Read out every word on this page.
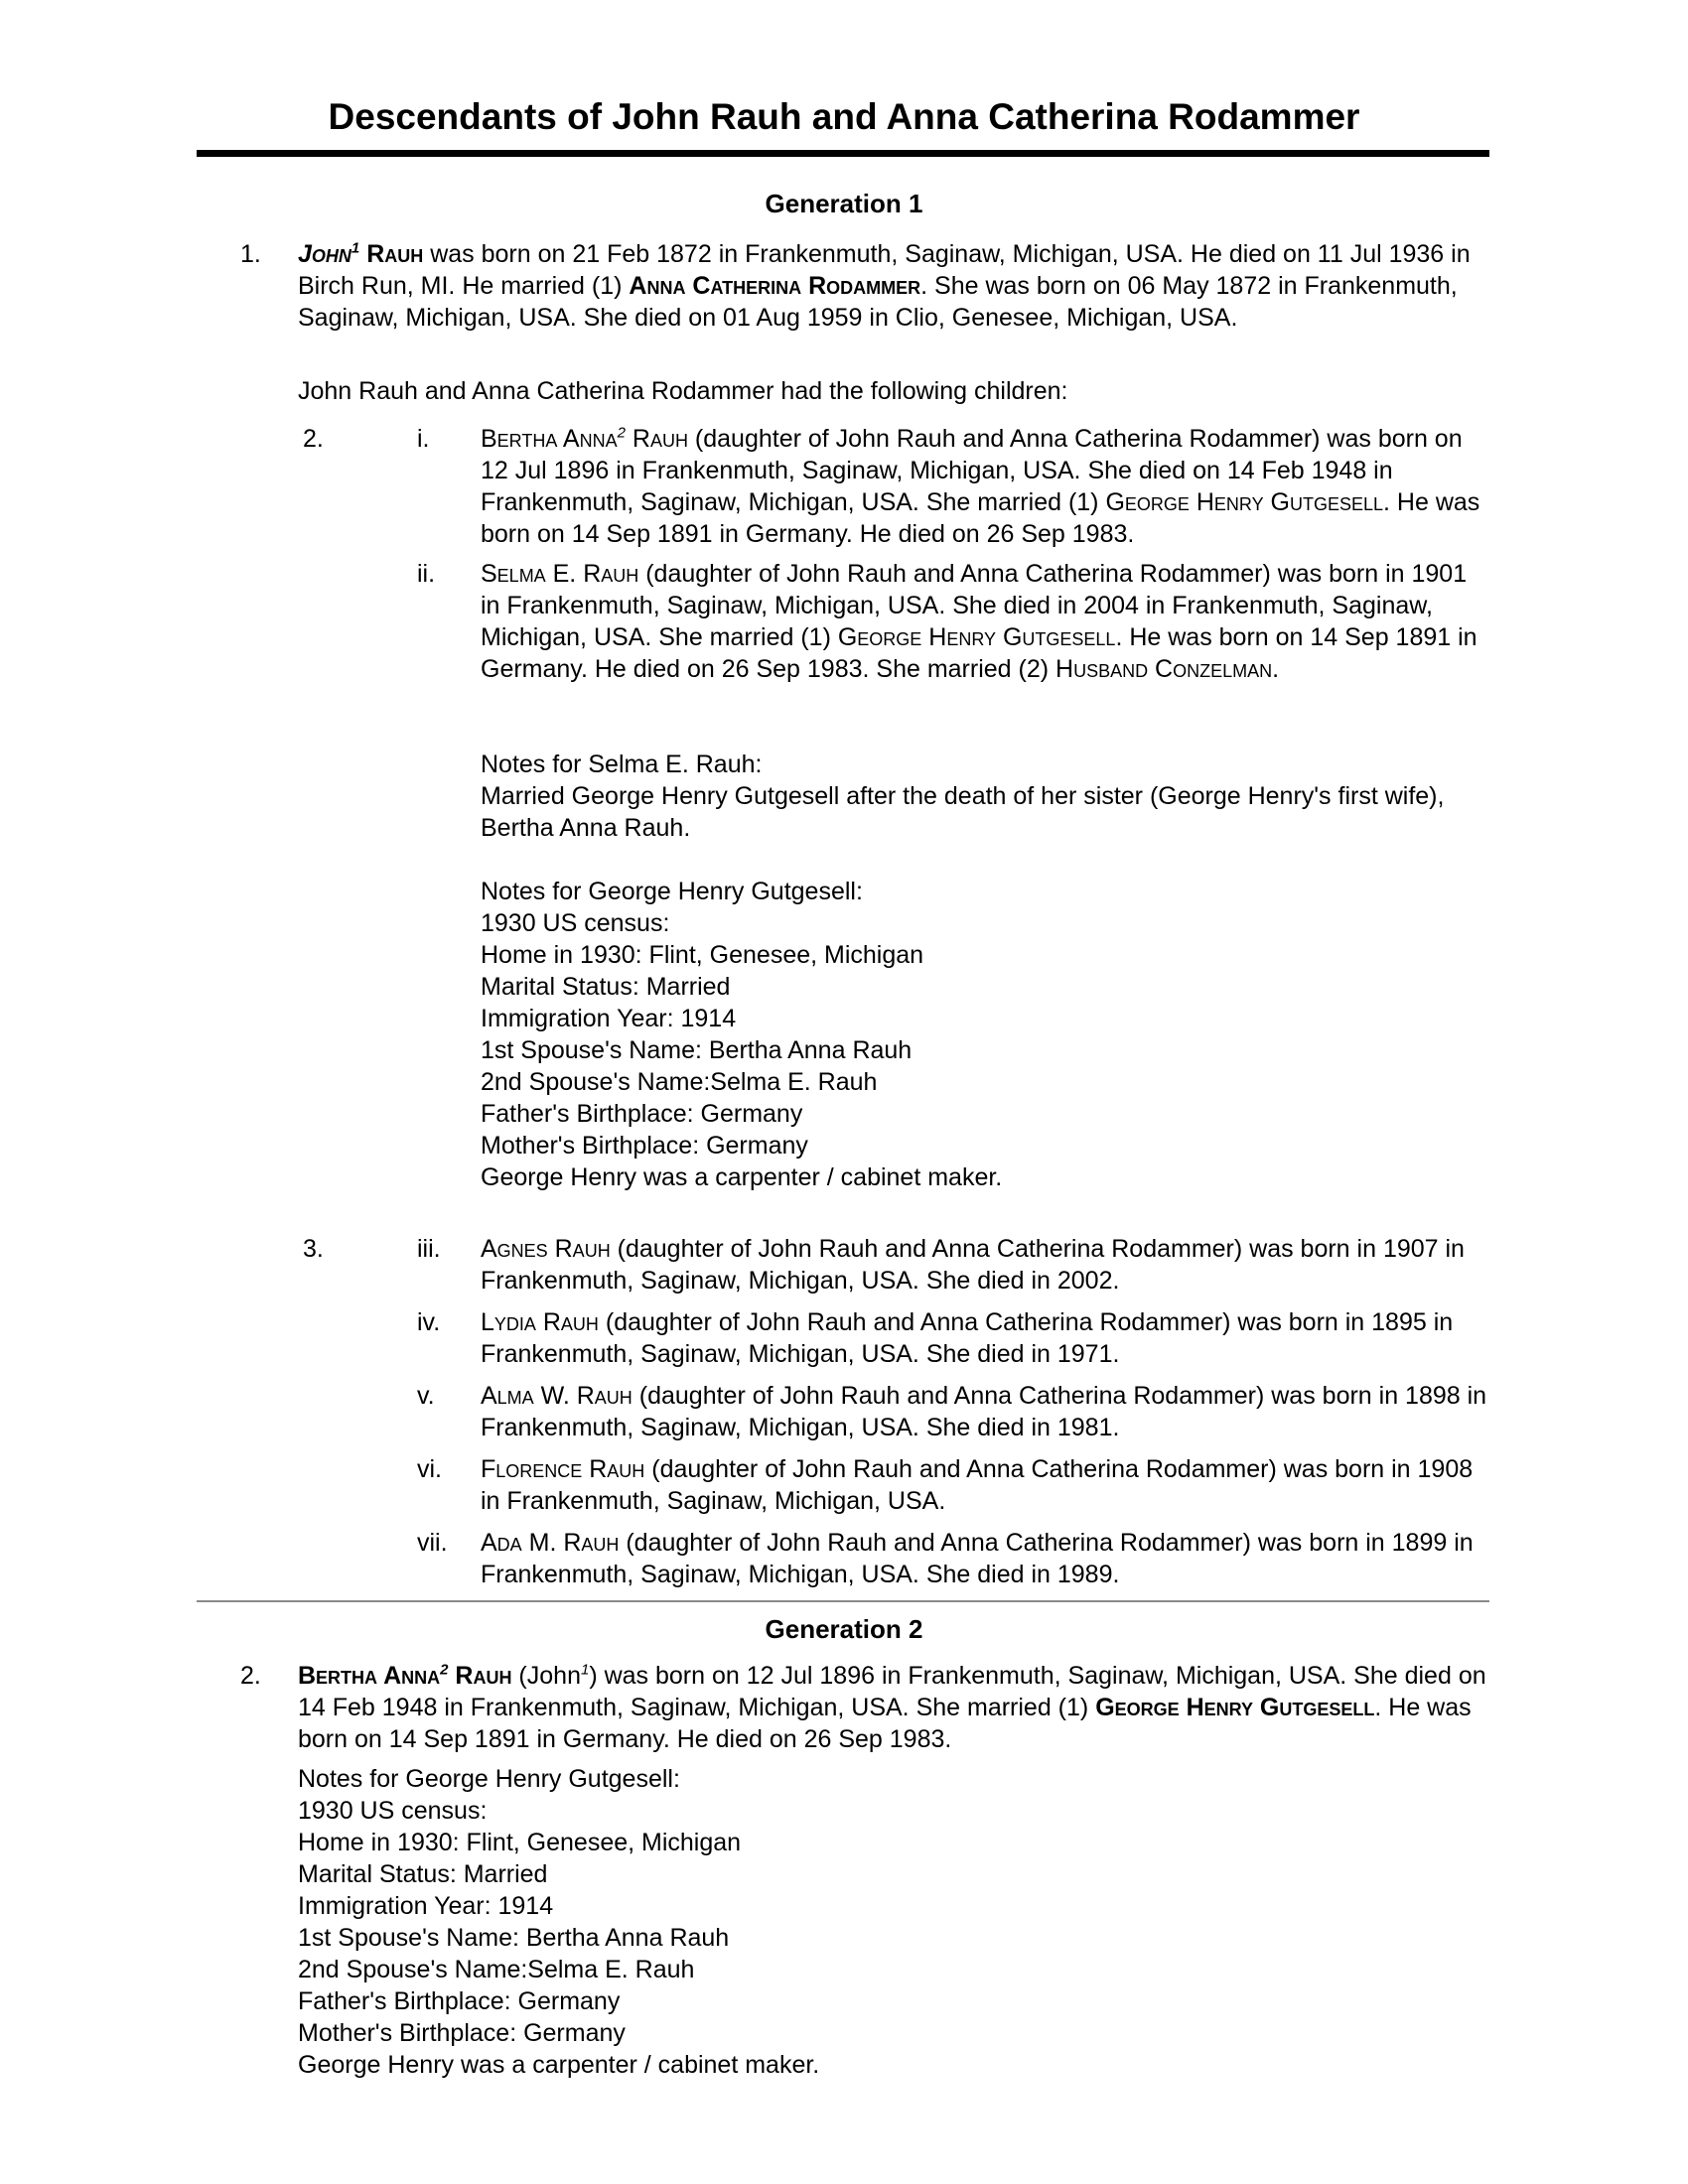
Descendants of John Rauh and Anna Catherina Rodammer
Generation 1
1. John$^1$ Rauh was born on 21 Feb 1872 in Frankenmuth, Saginaw, Michigan, USA. He died on 11 Jul 1936 in Birch Run, MI. He married (1) Anna Catherina Rodammer. She was born on 06 May 1872 in Frankenmuth, Saginaw, Michigan, USA. She died on 01 Aug 1959 in Clio, Genesee, Michigan, USA.

John Rauh and Anna Catherina Rodammer had the following children:

2.	i. Bertha Anna$^2$ Rauh (daughter of John Rauh and Anna Catherina Rodammer) was born on 12 Jul 1896 in Frankenmuth, Saginaw, Michigan, USA. She died on 14 Feb 1948 in Frankenmuth, Saginaw, Michigan, USA. She married (1) George Henry Gutgesell. He was born on 14 Sep 1891 in Germany. He died on 26 Sep 1983.

ii. Selma E. Rauh (daughter of John Rauh and Anna Catherina Rodammer) was born in 1901 in Frankenmuth, Saginaw, Michigan, USA. She died in 2004 in Frankenmuth, Saginaw, Michigan, USA. She married (1) George Henry Gutgesell. He was born on 14 Sep 1891 in Germany. He died on 26 Sep 1983. She married (2) Husband Conzelman.

Notes for Selma E. Rauh:
Married George Henry Gutgesell after the death of her sister (George Henry's first wife), Bertha Anna Rauh.
Notes for George Henry Gutgesell:
1930 US census:
Home in 1930: Flint, Genesee, Michigan
Marital Status: Married
Immigration Year: 1914
1st Spouse's Name: Bertha Anna Rauh
2nd Spouse's Name:Selma E. Rauh
Father's Birthplace: Germany
Mother's Birthplace: Germany
George Henry was a carpenter / cabinet maker.
3.	iii. Agnes Rauh (daughter of John Rauh and Anna Catherina Rodammer) was born in 1907 in Frankenmuth, Saginaw, Michigan, USA. She died in 2002.

iv. Lydia Rauh (daughter of John Rauh and Anna Catherina Rodammer) was born in 1895 in Frankenmuth, Saginaw, Michigan, USA. She died in 1971.

v. Alma W. Rauh (daughter of John Rauh and Anna Catherina Rodammer) was born in 1898 in Frankenmuth, Saginaw, Michigan, USA. She died in 1981.

vi. Florence Rauh (daughter of John Rauh and Anna Catherina Rodammer) was born in 1908 in Frankenmuth, Saginaw, Michigan, USA.

vii. Ada M. Rauh (daughter of John Rauh and Anna Catherina Rodammer) was born in 1899 in Frankenmuth, Saginaw, Michigan, USA. She died in 1989.

Generation 2
2. Bertha Anna$^2$ Rauh (John$^1$) was born on 12 Jul 1896 in Frankenmuth, Saginaw, Michigan, USA. She died on 14 Feb 1948 in Frankenmuth, Saginaw, Michigan, USA. She married (1) George Henry Gutgesell. He was born on 14 Sep 1891 in Germany. He died on 26 Sep 1983.

Notes for George Henry Gutgesell:
1930 US census:
Home in 1930: Flint, Genesee, Michigan
Marital Status: Married
Immigration Year: 1914
1st Spouse's Name: Bertha Anna Rauh
2nd Spouse's Name:Selma E. Rauh
Father's Birthplace: Germany
Mother's Birthplace: Germany
George Henry was a carpenter / cabinet maker.
